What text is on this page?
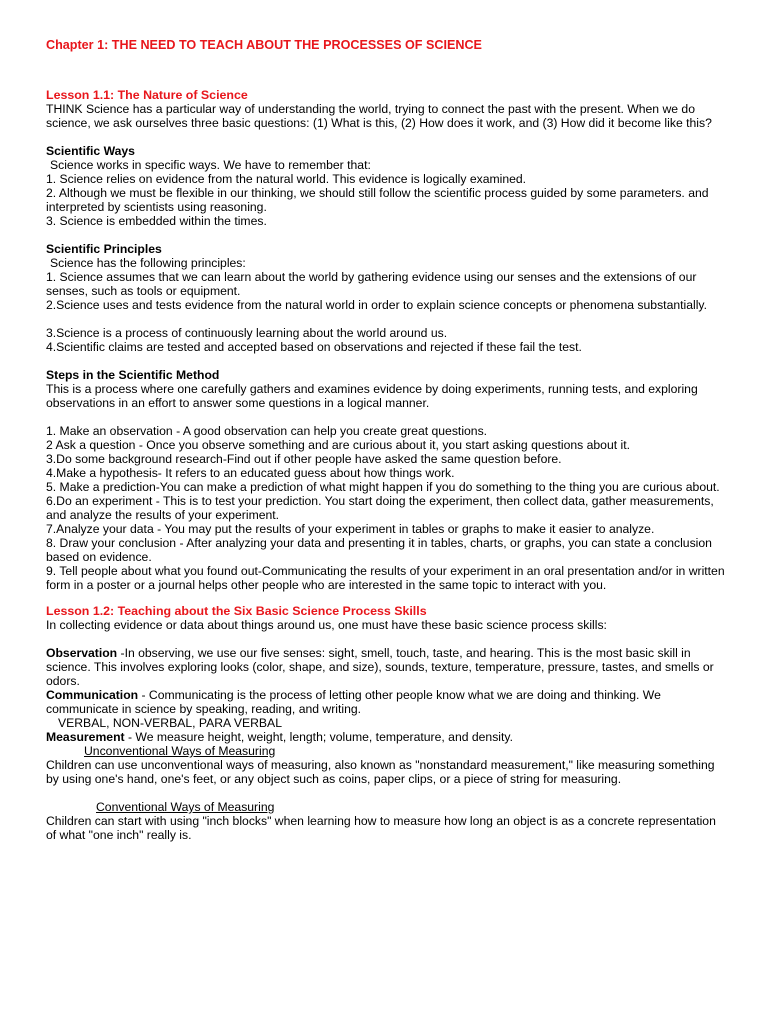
Chapter 1: THE NEED TO TEACH ABOUT THE PROCESSES OF SCIENCE
Lesson 1.1: The Nature of Science

THINK Science has a particular way of understanding the world, trying to connect the past with the present. When we do science, we ask ourselves three basic questions: (1) What is this, (2) How does it work, and (3) How did it become like this?

Scientific Ways

Science works in specific ways. We have to remember that:

1. Science relies on evidence from the natural world. This evidence is logically examined.

2. Although we must be flexible in our thinking, we should still follow the scientific process guided by some parameters. and interpreted by scientists using reasoning.

3. Science is embedded within the times.

Scientific Principles

Science has the following principles:

1. Science assumes that we can learn about the world by gathering evidence using our senses and the extensions of our senses, such as tools or equipment.

2.Science uses and tests evidence from the natural world in order to explain science concepts or phenomena substantially.

3.Science is a process of continuously learning about the world around us.

4.Scientific claims are tested and accepted based on observations and rejected if these fail the test.

Steps in the Scientific Method

This is a process where one carefully gathers and examines evidence by doing experiments, running tests, and exploring observations in an effort to answer some questions in a logical manner.

1. Make an observation - A good observation can help you create great questions.

2 Ask a question - Once you observe something and are curious about it, you start asking questions about it.

3.Do some background research-Find out if other people have asked the same question before.

4.Make a hypothesis- It refers to an educated guess about how things work.

5. Make a prediction-You can make a prediction of what might happen if you do something to the thing you are curious about.

6.Do an experiment - This is to test your prediction. You start doing the experiment, then collect data, gather measurements, and analyze the results of your experiment.

7.Analyze your data - You may put the results of your experiment in tables or graphs to make it easier to analyze.

8. Draw your conclusion - After analyzing your data and presenting it in tables, charts, or graphs, you can state a conclusion based on evidence.

9. Tell people about what you found out-Communicating the results of your experiment in an oral presentation and/or in written form in a poster or a journal helps other people who are interested in the same topic to interact with you.

Lesson 1.2: Teaching about the Six Basic Science Process Skills

In collecting evidence or data about things around us, one must have these basic science process skills:

Observation -In observing, we use our five senses: sight, smell, touch, taste, and hearing. This is the most basic skill in science. This involves exploring looks (color, shape, and size), sounds, texture, temperature, pressure, tastes, and smells or odors.

Communication - Communicating is the process of letting other people know what we are doing and thinking. We communicate in science by speaking, reading, and writing.

VERBAL, NON-VERBAL, PARA VERBAL

Measurement - We measure height, weight, length; volume, temperature, and density.

Unconventional Ways of Measuring

Children can use unconventional ways of measuring, also known as "nonstandard measurement," like measuring something by using one's hand, one's feet, or any object such as coins, paper clips, or a piece of string for measuring.

Conventional Ways of Measuring

Children can start with using "inch blocks" when learning how to measure how long an object is as a concrete representation of what "one inch" really is.
